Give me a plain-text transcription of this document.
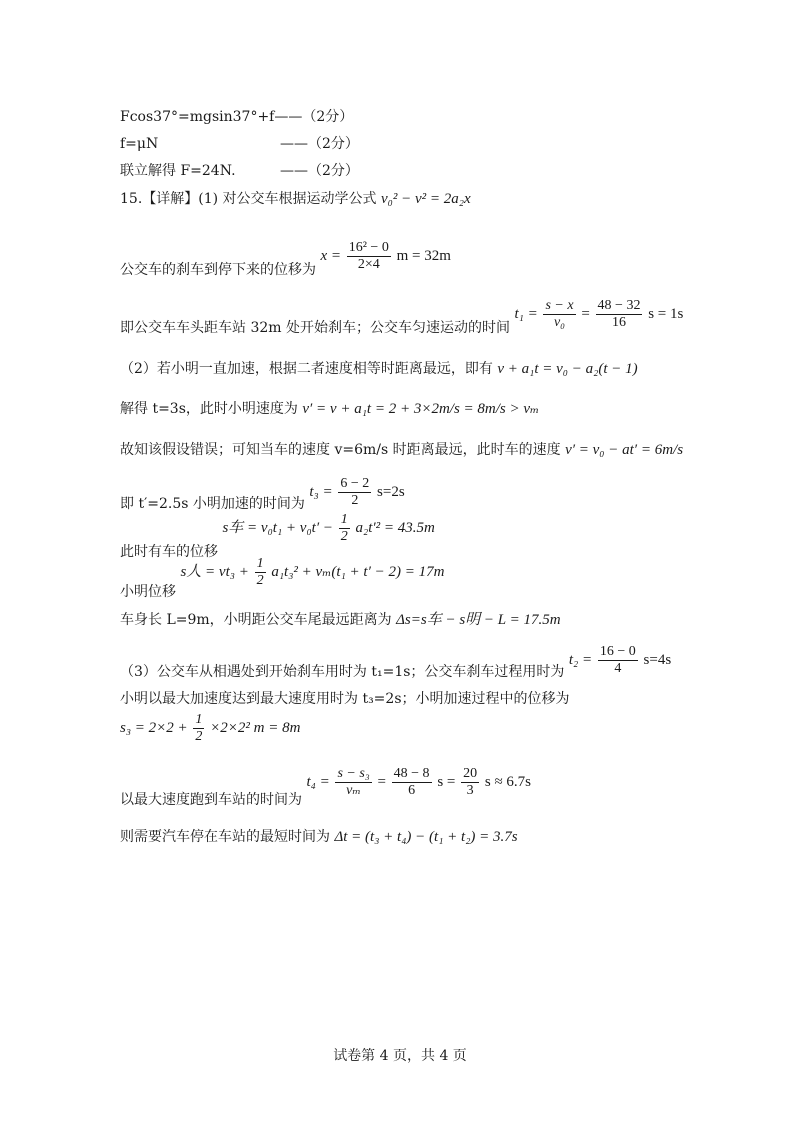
Fcos37°=mgsin37°+f——（2分）
f=μN	——（2分）
联立解得 F=24N.	——（2分）
15.【详解】(1) 对公交车根据运动学公式 v₀² − v² = 2a₂x
公交车的刹车到停下来的位移为 $x = \frac{\text{16² − 0}}{2\times 4}$ m = 32m
即公交车车头距车站 32m 处开始刹车；公交车匀速运动的时间 $t_1 = \frac{s - x}{\text{v₀}} = \frac{48 - 32}{16}$ s = 1s
（2）若小明一直加速，根据二者速度相等时距离最远，即有 v + a₁t = v₀ − a₂(t − 1)
解得 t=3s，此时小明速度为 v′ = v + a₁t = 2 + 3×2m/s = 8m/s > vₘ
故知该假设错误；可知当车的速度 v=6m/s 时距离最远，此时车的速度 v′ = v₀ − at′ = 6m/s
即 t′=2.5s 小明加速的时间为 $t_3 = \frac{6 - 2}{2} s=2s$
此时有车的位移 s车 = $v_0t_1 + v_0t' - \frac{1}{2} a_2t'^2 = 43.5m$
小明位移 s人 = $vt_3 + \frac{1}{2} a_1t_3^2 + v_m(t_1 + t' - 2) = 17m$
车身长 L=9m，小明距公交车尾最远距离为 Δs=s车 − s明 − L = 17.5m
（3）公交车从相遇处到开始刹车用时为 t₁=1s；公交车刹车过程用时为 $t_2 = \frac{16 - 0}{4} s=4s$
小明以最大加速度达到最大速度用时为 t₃=2s；小明加速过程中的位移为
$s_3 = 2\times 2 + \frac{1}{2} \times 2\times 2^2$ m = 8m
以最大速度跑到车站的时间为 $t_4 = \frac{\text{s − s₃}}{\text{vₘ}} = \frac{48 - 8}{6}$ $s = \frac{20}{3}$ s ≈ 6.7s
则需要汽车停在车站的最短时间为 Δt = (t₃ + t₄) − (t₁ + t₂) = 3.7s
试卷第 4 页，共 4 页
